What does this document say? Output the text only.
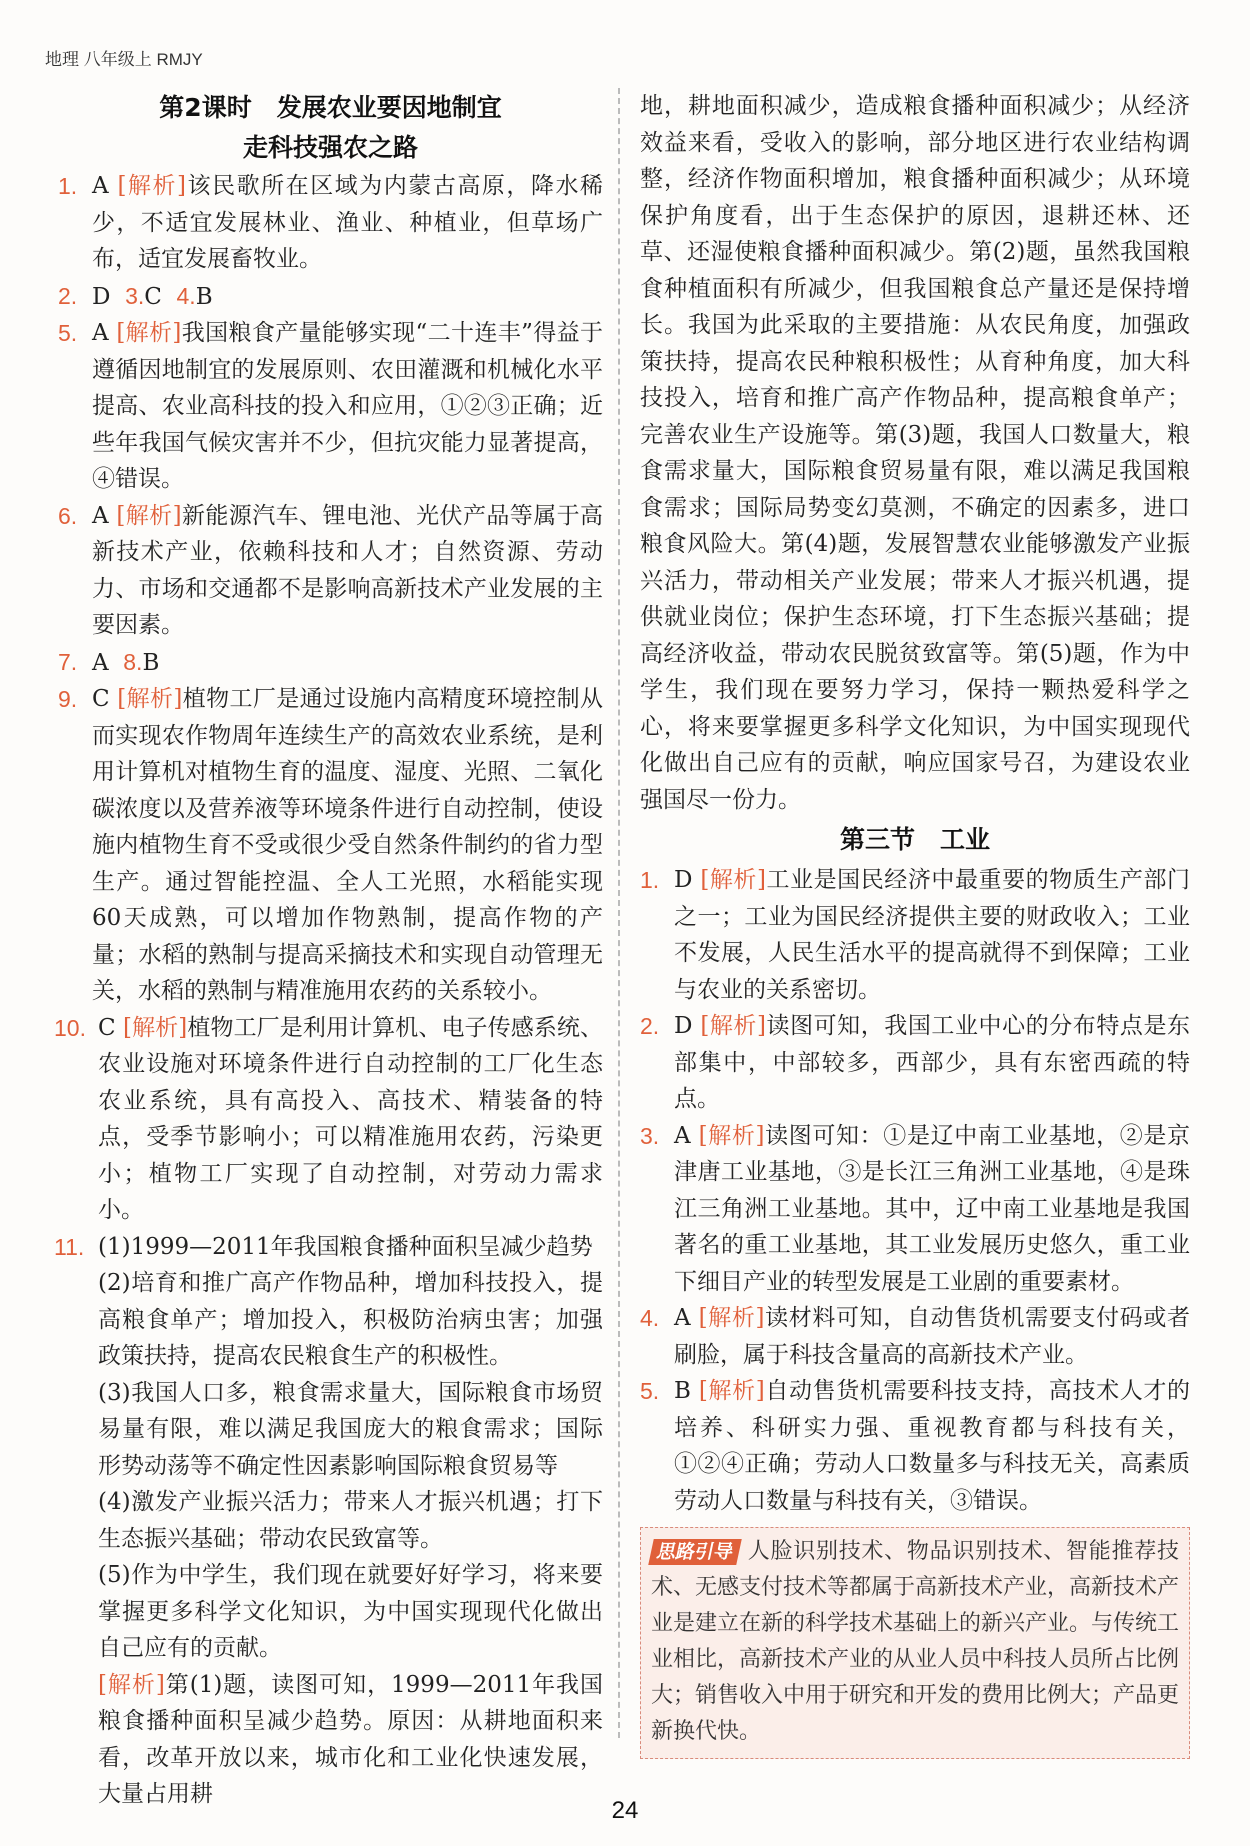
地理 八年级上 RMJY
第2课时　发展农业要因地制宜
走科技强农之路
1. A [解析]该民歌所在区域为内蒙古高原，降水稀少，不适宜发展林业、渔业、种植业，但草场广布，适宜发展畜牧业。
2. D 3.C 4.B
5. A [解析]我国粮食产量能够实现“二十连丰”得益于遵循因地制宜的发展原则、农田灌溉和机械化水平提高、农业高科技的投入和应用，①②③正确；近些年我国气候灾害并不少，但抗灾能力显著提高，④错误。
6. A [解析]新能源汽车、锂电池、光伏产品等属于高新技术产业，依赖科技和人才；自然资源、劳动力、市场和交通都不是影响高新技术产业发展的主要因素。
7. A 8.B
9. C [解析]植物工厂是通过设施内高精度环境控制从而实现农作物周年连续生产的高效农业系统，是利用计算机对植物生育的温度、湿度、光照、二氧化碳浓度以及营养液等环境条件进行自动控制，使设施内植物生育不受或很少受自然条件制约的省力型生产。通过智能控温、全人工光照，水稻能实现60天成熟，可以增加作物熟制，提高作物的产量；水稻的熟制与提高采摘技术和实现自动管理无关，水稻的熟制与精准施用农药的关系较小。
10. C [解析]植物工厂是利用计算机、电子传感系统、农业设施对环境条件进行自动控制的工厂化生态农业系统，具有高投入、高技术、精装备的特点，受季节影响小；可以精准施用农药，污染更小；植物工厂实现了自动控制，对劳动力需求小。
11. (1)1999—2011年我国粮食播种面积呈减少趋势
(2)培育和推广高产作物品种，增加科技投入，提高粮食单产；增加投入，积极防治病虫害；加强政策扶持，提高农民粮食生产的积极性。
(3)我国人口多，粮食需求量大，国际粮食市场贸易量有限，难以满足我国庞大的粮食需求；国际形势动荡等不确定性因素影响国际粮食贸易等
(4)激发产业振兴活力；带来人才振兴机遇；打下生态振兴基础；带动农民致富等。
(5)作为中学生，我们现在就要好好学习，将来要掌握更多科学文化知识，为中国实现现代化做出自己应有的贡献。
[解析]第(1)题，读图可知，1999—2011年我国粮食播种面积呈减少趋势。原因：从耕地面积来看，改革开放以来，城市化和工业化快速发展，大量占用耕
地，耕地面积减少，造成粮食播种面积减少；从经济效益来看，受收入的影响，部分地区进行农业结构调整，经济作物面积增加，粮食播种面积减少；从环境保护角度看，出于生态保护的原因，退耕还林、还草、还湿使粮食播种面积减少。第(2)题，虽然我国粮食种植面积有所减少，但我国粮食总产量还是保持增长。我国为此采取的主要措施：从农民角度，加强政策扶持，提高农民种粮积极性；从育种角度，加大科技投入，培育和推广高产作物品种，提高粮食单产；完善农业生产设施等。第(3)题，我国人口数量大，粮食需求量大，国际粮食贸易量有限，难以满足我国粮食需求；国际局势变幻莫测，不确定的因素多，进口粮食风险大。第(4)题，发展智慧农业能够激发产业振兴活力，带动相关产业发展；带来人才振兴机遇，提供就业岗位；保护生态环境，打下生态振兴基础；提高经济收益，带动农民脱贫致富等。第(5)题，作为中学生，我们现在要努力学习，保持一颗热爱科学之心，将来要掌握更多科学文化知识，为中国实现现代化做出自己应有的贡献，响应国家号召，为建设农业强国尽一份力。
第三节　工业
1. D [解析]工业是国民经济中最重要的物质生产部门之一；工业为国民经济提供主要的财政收入；工业不发展，人民生活水平的提高就得不到保障；工业与农业的关系密切。
2. D [解析]读图可知，我国工业中心的分布特点是东部集中，中部较多，西部少，具有东密西疏的特点。
3. A [解析]读图可知：①是辽中南工业基地，②是京津唐工业基地，③是长江三角洲工业基地，④是珠江三角洲工业基地。其中，辽中南工业基地是我国著名的重工业基地，其工业发展历史悠久，重工业下细目产业的转型发展是工业剧的重要素材。
4. A [解析]读材料可知，自动售货机需要支付码或者刷脸，属于科技含量高的高新技术产业。
5. B [解析]自动售货机需要科技支持，高技术人才的培养、科研实力强、重视教育都与科技有关，①②④正确；劳动人口数量多与科技无关，高素质劳动人口数量与科技有关，③错误。
思路引导 人脸识别技术、物品识别技术、智能推荐技术、无感支付技术等都属于高新技术产业，高新技术产业是建立在新的科学技术基础上的新兴产业。与传统工业相比，高新技术产业的从业人员中科技人员所占比例大；销售收入中用于研究和开发的费用比例大；产品更新换代快。
24
